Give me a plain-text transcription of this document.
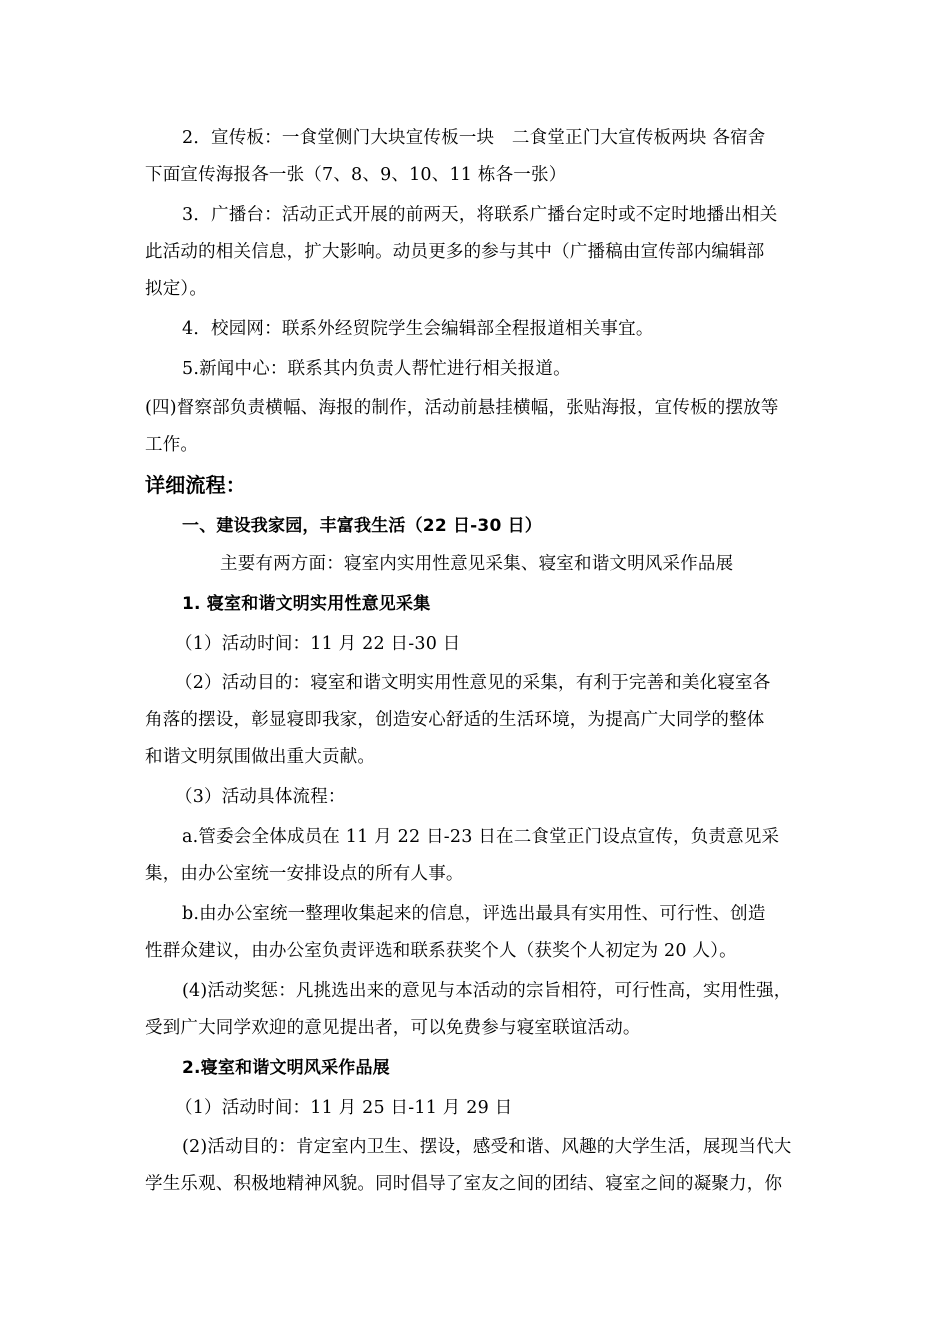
2．宣传板：一食堂侧门大块宣传板一块　二食堂正门大宣传板两块 各宿舍
下面宣传海报各一张（7、8、9、10、11 栋各一张）
3．广播台：活动正式开展的前两天，将联系广播台定时或不定时地播出相关
此活动的相关信息，扩大影响。动员更多的参与其中（广播稿由宣传部内编辑部
拟定）。
4．校园网：联系外经贸院学生会编辑部全程报道相关事宜。
5.新闻中心：联系其内负责人帮忙进行相关报道。
(四)督察部负责横幅、海报的制作，活动前悬挂横幅，张贴海报，宣传板的摆放等
工作。
详细流程：
一、建设我家园，丰富我生活（22 日-30 日）
主要有两方面：寝室内实用性意见采集、寝室和谐文明风采作品展
1. 寝室和谐文明实用性意见采集
（1）活动时间：11 月 22 日-30 日
（2）活动目的：寝室和谐文明实用性意见的采集，有利于完善和美化寝室各
角落的摆设，彰显寝即我家，创造安心舒适的生活环境，为提高广大同学的整体
和谐文明氛围做出重大贡献。
（3）活动具体流程：
a.管委会全体成员在 11 月 22 日-23 日在二食堂正门设点宣传，负责意见采
集，由办公室统一安排设点的所有人事。
b.由办公室统一整理收集起来的信息，评选出最具有实用性、可行性、创造
性群众建议，由办公室负责评选和联系获奖个人（获奖个人初定为 20 人）。
(4)活动奖惩：凡挑选出来的意见与本活动的宗旨相符，可行性高，实用性强，
受到广大同学欢迎的意见提出者，可以免费参与寝室联谊活动。
2.寝室和谐文明风采作品展
（1）活动时间：11 月 25 日-11 月 29 日
(2)活动目的：肯定室内卫生、摆设，感受和谐、风趣的大学生活，展现当代大
学生乐观、积极地精神风貌。同时倡导了室友之间的团结、寝室之间的凝聚力，你
